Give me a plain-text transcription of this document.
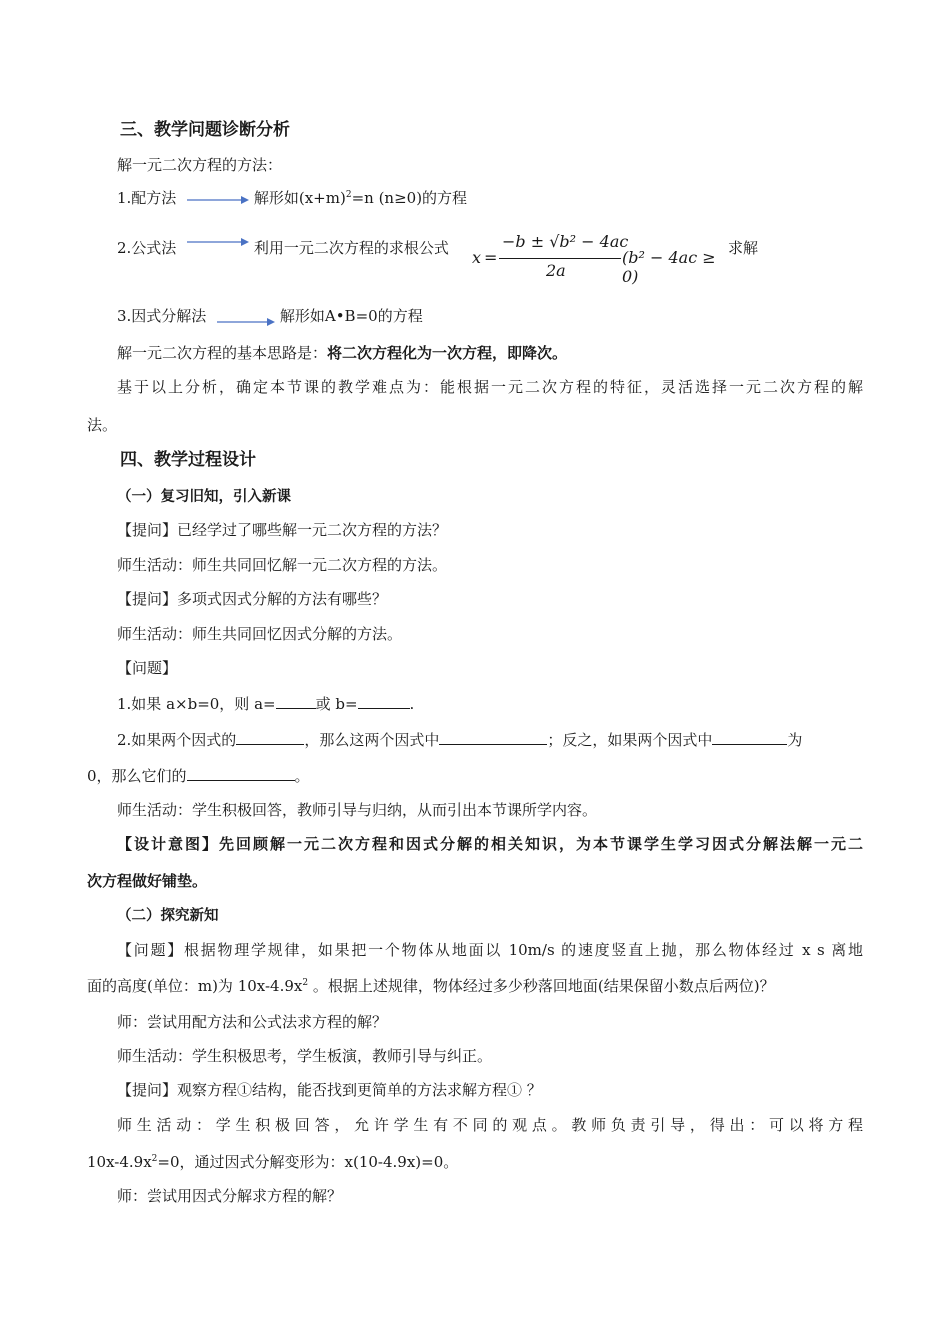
三、教学问题诊断分析
解一元二次方程的方法：
1.配方法	解形如$(x+m)^2=n$ (n≥0)的方程
2.公式法	利用一元二次方程的求根公式 x =
−b ± √b² − 4ac
2a
(b² − 4ac ≥ 0)
求解
3.因式分解法	解形如A•B=0的方程
解一元二次方程的基本思路是：将二次方程化为一次方程，即降次。
基于以上分析，确定本节课的教学难点为：能根据一元二次方程的特征，灵活选择一元二次方程的解
法。
四、教学过程设计
（一）复习旧知，引入新课
【提问】已经学过了哪些解一元二次方程的方法？
师生活动：师生共同回忆解一元二次方程的方法。
【提问】多项式因式分解的方法有哪些？
师生活动：师生共同回忆因式分解的方法。
【问题】
1.如果 a×b=0，则 a=	或 b=	.
2.如果两个因式的	，那么这两个因式中	；反之，如果两个因式中	为
0，那么它们的	。
师生活动：学生积极回答，教师引导与归纳，从而引出本节课所学内容。
【设计意图】先回顾解一元二次方程和因式分解的相关知识，为本节课学生学习因式分解法解一元二
次方程做好铺垫。
（二）探究新知
【问题】根据物理学规律，如果把一个物体从地面以 10m/s 的速度竖直上抛，那么物体经过 x s 离地
面的高度(单位：m)为 $10x-4.9x^2$ 。根据上述规律，物体经过多少秒落回地面(结果保留小数点后两位)？
师：尝试用配方法和公式法求方程的解？
师生活动：学生积极思考，学生板演，教师引导与纠正。
【提问】观察方程①结构，能否找到更简单的方法求解方程① ？
师生活动：学生积极回答，允许学生有不同的观点。教师负责引导，得出：可以将方程
$10x-4.9x^2=0$，通过因式分解变形为：x(10-4.9x)=0。
师：尝试用因式分解求方程的解？
